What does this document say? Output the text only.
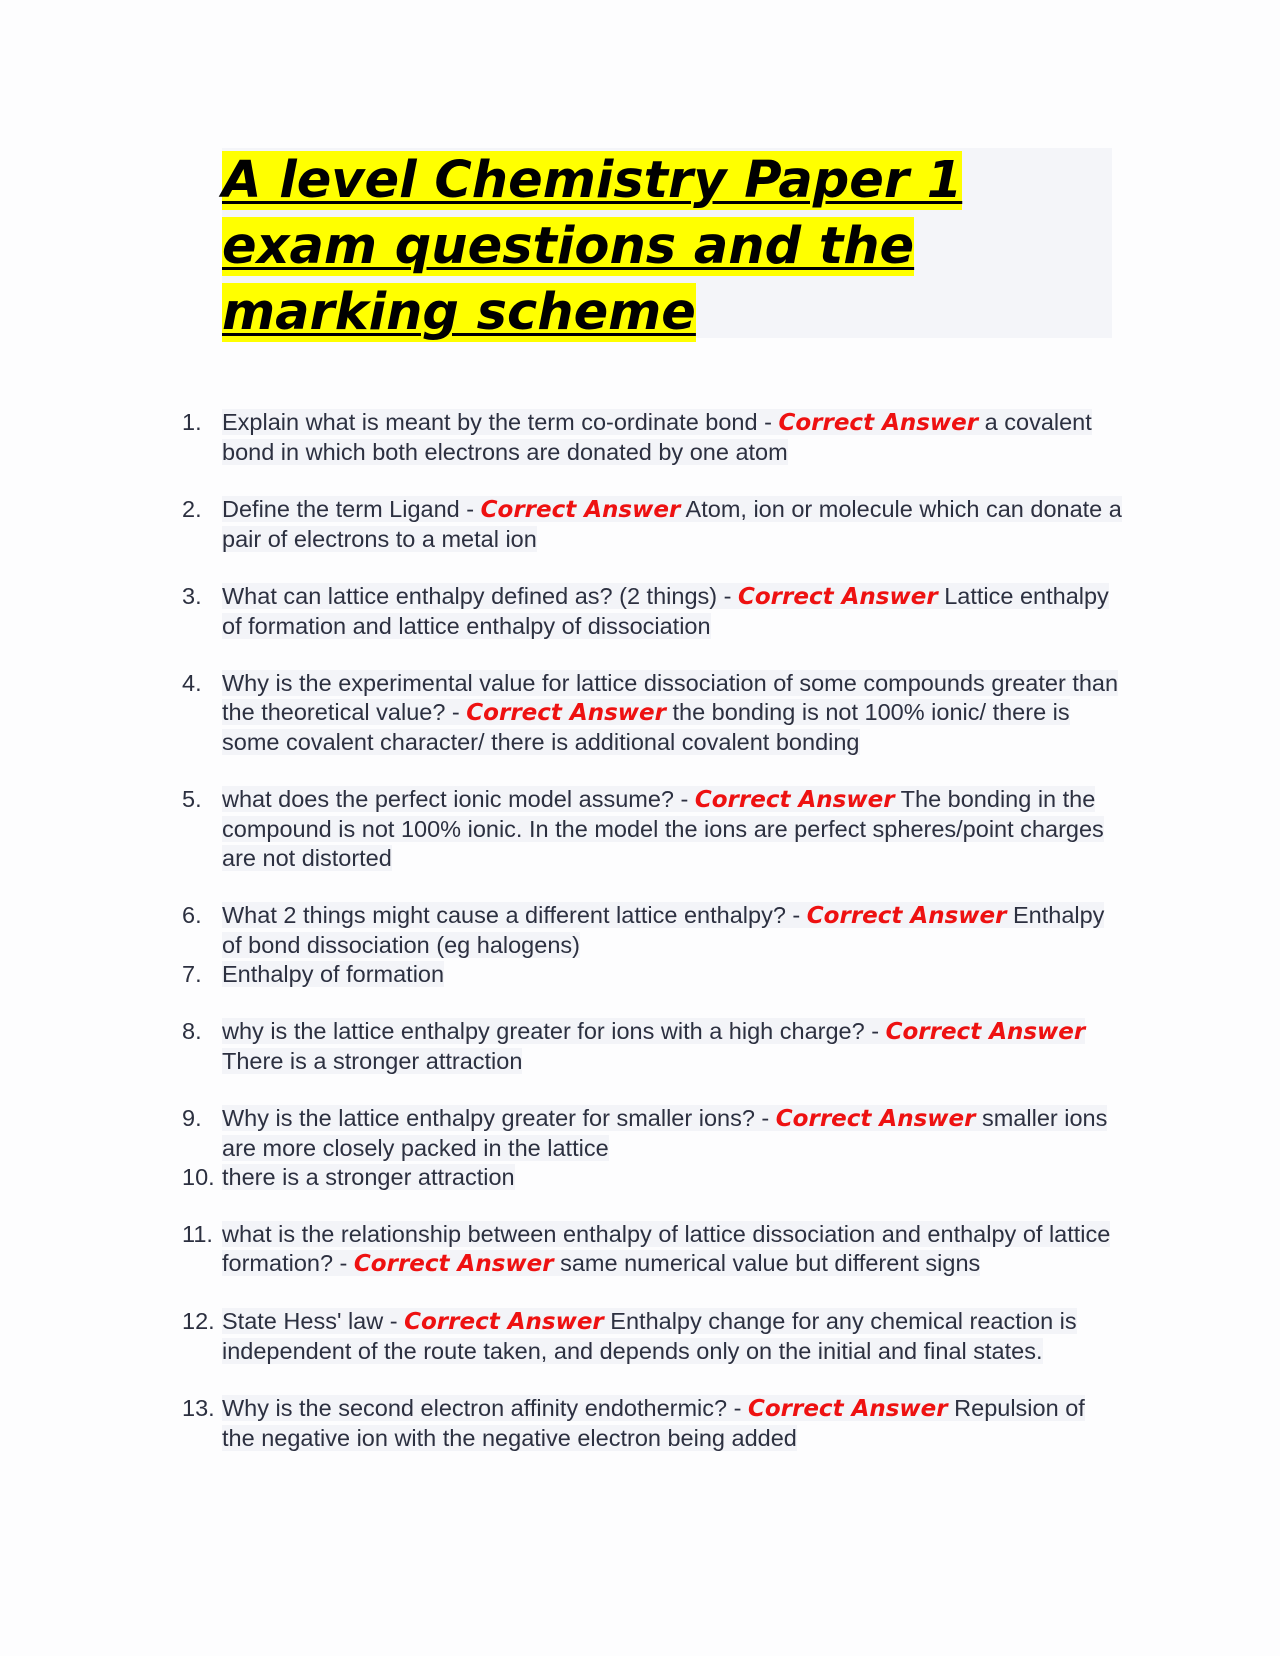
A level Chemistry Paper 1 exam questions and the marking scheme
1. Explain what is meant by the term co-ordinate bond - Correct Answer a covalent bond in which both electrons are donated by one atom
2. Define the term Ligand - Correct Answer Atom, ion or molecule which can donate a pair of electrons to a metal ion
3. What can lattice enthalpy defined as? (2 things) - Correct Answer Lattice enthalpy of formation and lattice enthalpy of dissociation
4. Why is the experimental value for lattice dissociation of some compounds greater than the theoretical value? - Correct Answer the bonding is not 100% ionic/ there is some covalent character/ there is additional covalent bonding
5. what does the perfect ionic model assume? - Correct Answer The bonding in the compound is not 100% ionic. In the model the ions are perfect spheres/point charges are not distorted
6. What 2 things might cause a different lattice enthalpy? - Correct Answer Enthalpy of bond dissociation (eg halogens)
7. Enthalpy of formation
8. why is the lattice enthalpy greater for ions with a high charge? - Correct Answer There is a stronger attraction
9. Why is the lattice enthalpy greater for smaller ions? - Correct Answer smaller ions are more closely packed in the lattice
10. there is a stronger attraction
11. what is the relationship between enthalpy of lattice dissociation and enthalpy of lattice formation? - Correct Answer same numerical value but different signs
12. State Hess' law - Correct Answer Enthalpy change for any chemical reaction is independent of the route taken, and depends only on the initial and final states.
13. Why is the second electron affinity endothermic? - Correct Answer Repulsion of the negative ion with the negative electron being added
